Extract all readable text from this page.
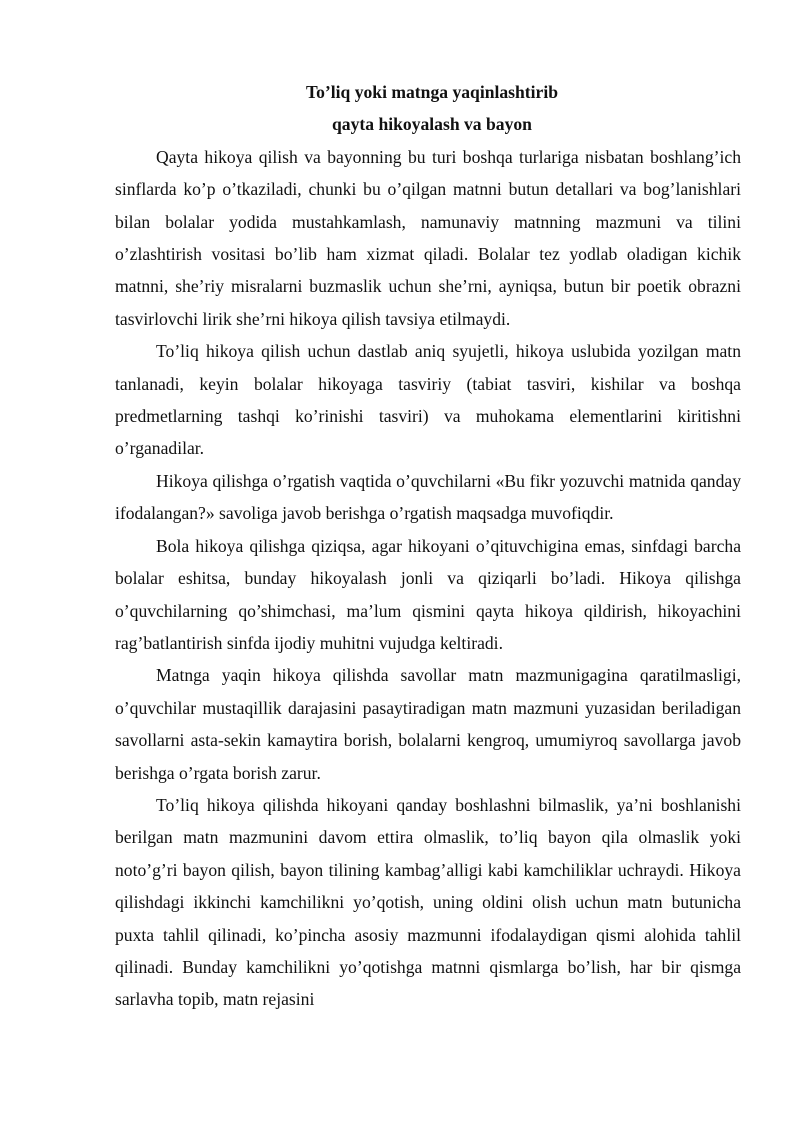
To’liq yoki matnga yaqinlashtirib

qayta hikoyalash va bayon

Qayta hikoya qilish va bayonning bu turi boshqa turlariga nisbatan boshlang’ich sinflarda ko’p o’tkaziladi, chunki bu o’qilgan matnni butun detallari va bog’lanishlari bilan bolalar yodida mustahkamlash, namunaviy matnning mazmuni va tilini o’zlashtirish vositasi bo’lib ham xizmat qiladi. Bolalar tez yodlab oladigan kichik matnni, she’riy misralarni buzmaslik uchun she’rni, ayniqsa, butun bir poetik obrazni tasvirlovchi lirik she’rni hikoya qilish tavsiya etilmaydi.

To’liq hikoya qilish uchun dastlab aniq syujetli, hikoya uslubida yozilgan matn tanlanadi, keyin bolalar hikoyaga tasviriy (tabiat tasviri, kishilar va boshqa predmetlarning tashqi ko’rinishi tasviri) va muhokama elementlarini kiritishni o’rganadilar.

Hikoya qilishga o’rgatish vaqtida o’quvchilarni «Bu fikr yozuvchi matnida qanday ifodalangan?» savoliga javob berishga o’rgatish maqsadga muvofiqdir.

Bola hikoya qilishga qiziqsa, agar hikoyani o’qituvchigina emas, sinfdagi barcha bolalar eshitsa, bunday hikoyalash jonli va qiziqarli bo’ladi. Hikoya qilishga o’quvchilarning qo’shimchasi, ma’lum qismini qayta hikoya qildirish, hikoyachini rag’batlantirish sinfda ijodiy muhitni vujudga keltiradi.

Matnga yaqin hikoya qilishda savollar matn mazmunigagina qaratilmasligi, o’quvchilar mustaqillik darajasini pasaytiradigan matn mazmuni yuzasidan beriladigan savollarni asta-sekin kamaytira borish, bolalarni kengroq, umumiyroq savollarga javob berishga o’rgata borish zarur.

To’liq hikoya qilishda hikoyani qanday boshlashni bilmaslik, ya’ni boshlanishi berilgan matn mazmunini davom ettira olmaslik, to’liq bayon qila olmaslik yoki noto’g’ri bayon qilish, bayon tilining kambag’alligi kabi kamchiliklar uchraydi. Hikoya qilishdagi ikkinchi kamchilikni yo’qotish, uning oldini olish uchun matn butunicha puxta tahlil qilinadi, ko’pincha asosiy mazmunni ifodalaydigan qismi alohida tahlil qilinadi. Bunday kamchilikni yo’qotishga matnni qismlarga bo’lish, har bir qismga sarlavha topib, matn rejasini
